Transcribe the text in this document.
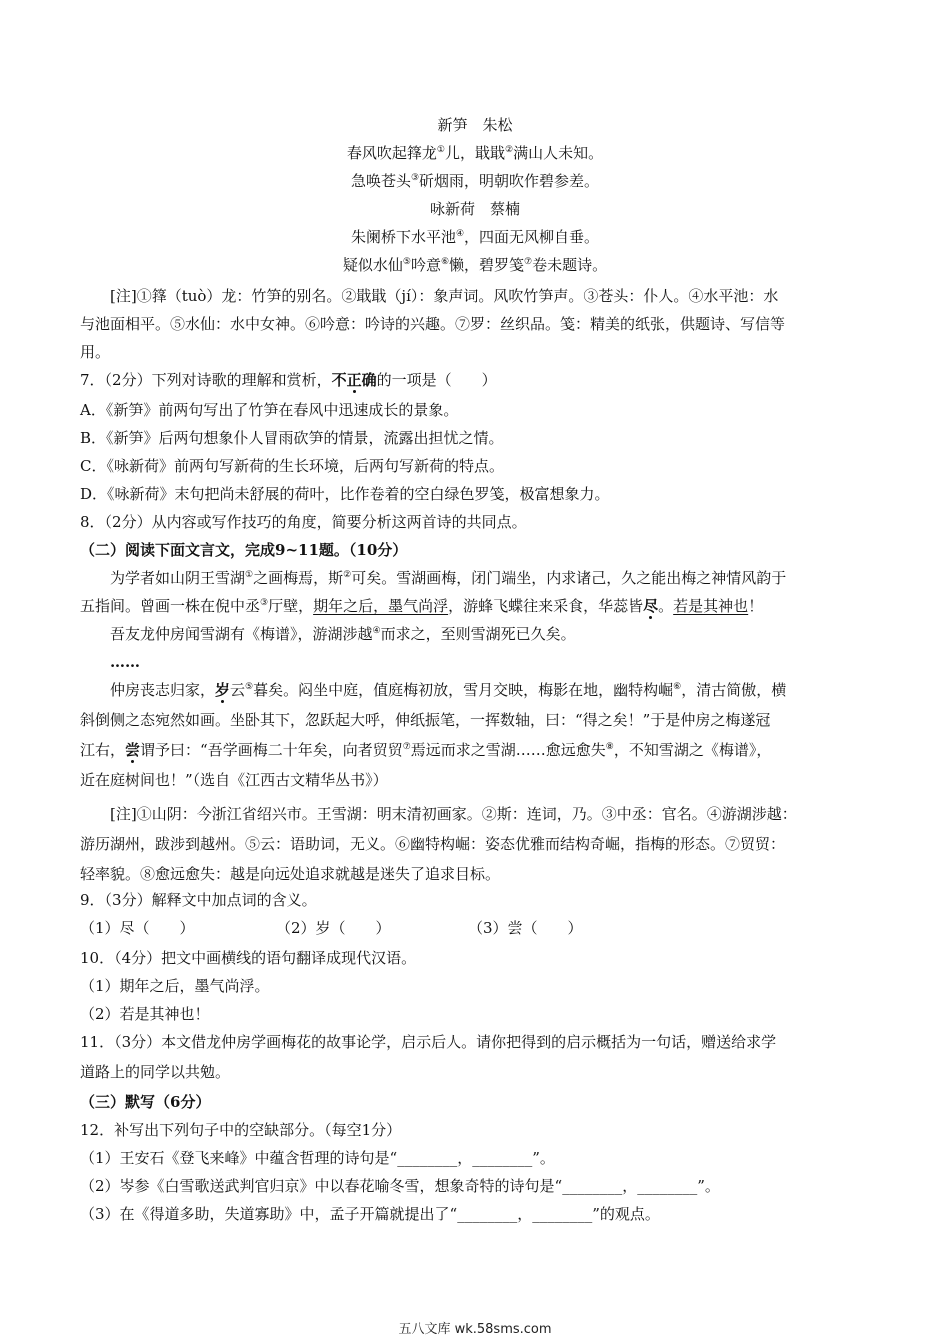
新笋　朱松
春风吹起箨龙①儿，戢戢②满山人未知。
急唤苍头③斫烟雨，明朝吹作碧参差。
咏新荷　蔡楠
朱阑桥下水平池④，四面无风柳自垂。
疑似水仙⑤吟意⑥懒，碧罗笺⑦卷未题诗。
[注]①箨（tuò）龙：竹笋的别名。②戢戢（jí）：象声词。风吹竹笋声。③苍头：仆人。④水平池：水
与池面相平。⑤水仙：水中女神。⑥吟意：吟诗的兴趣。⑦罗：丝织品。笺：精美的纸张，供题诗、写信等
用。
7．（2分）下列对诗歌的理解和赏析，不正确的一项是（　　）
A．《新笋》前两句写出了竹笋在春风中迅速成长的景象。
B．《新笋》后两句想象仆人冒雨砍笋的情景，流露出担忧之情。
C．《咏新荷》前两句写新荷的生长环境，后两句写新荷的特点。
D．《咏新荷》末句把尚未舒展的荷叶，比作卷着的空白绿色罗笺，极富想象力。
8．（2分）从内容或写作技巧的角度，简要分析这两首诗的共同点。
（二）阅读下面文言文，完成9~11题。（10分）
为学者如山阴王雪湖①之画梅焉，斯②可矣。雪湖画梅，闭门端坐，内求诸己，久之能出梅之神情风韵于
五指间。曾画一株在倪中丞③厅壁，期年之后，墨气尚浮，游蜂飞蝶往来采食，华蕊皆尽。若是其神也！
吾友龙仲房闻雪湖有《梅谱》，游湖涉越④而求之，至则雪湖死已久矣。
……
仲房丧志归家，岁云⑤暮矣。闷坐中庭，值庭梅初放，雪月交映，梅影在地，幽特构崛⑥，清古简傲，横
斜倒侧之态宛然如画。坐卧其下，忽跃起大呼，伸纸振笔，一挥数轴，曰：“得之矣！”于是仲房之梅遂冠
江右，尝谓予曰：“吾学画梅二十年矣，向者贸贸⑦焉远而求之雪湖……愈远愈失⑧，不知雪湖之《梅谱》，
近在庭树间也！”（选自《江西古文精华丛书》）
[注]①山阴：今浙江省绍兴市。王雪湖：明末清初画家。②斯：连词，乃。③中丞：官名。④游湖涉越：
游历湖州，跋涉到越州。⑤云：语助词，无义。⑥幽特构崛：姿态优雅而结构奇崛，指梅的形态。⑦贸贸：
轻率貌。⑧愈远愈失：越是向远处追求就越是迷失了追求目标。
9．（3分）解释文中加点词的含义。
（1）尽（　　）	（2）岁（　　）	（3）尝（　　）
10．（4分）把文中画横线的语句翻译成现代汉语。
（1）期年之后，墨气尚浮。
（2）若是其神也！
11．（3分）本文借龙仲房学画梅花的故事论学，启示后人。请你把得到的启示概括为一句话，赠送给求学
道路上的同学以共勉。
（三）默写（6分）
12．补写出下列句子中的空缺部分。（每空1分）
（1）王安石《登飞来峰》中蕴含哲理的诗句是“________，________”。
（2）岑参《白雪歌送武判官归京》中以春花喻冬雪，想象奇特的诗句是“________，________”。
（3）在《得道多助，失道寡助》中，孟子开篇就提出了“________，________”的观点。
五八文库 wk.58sms.com
